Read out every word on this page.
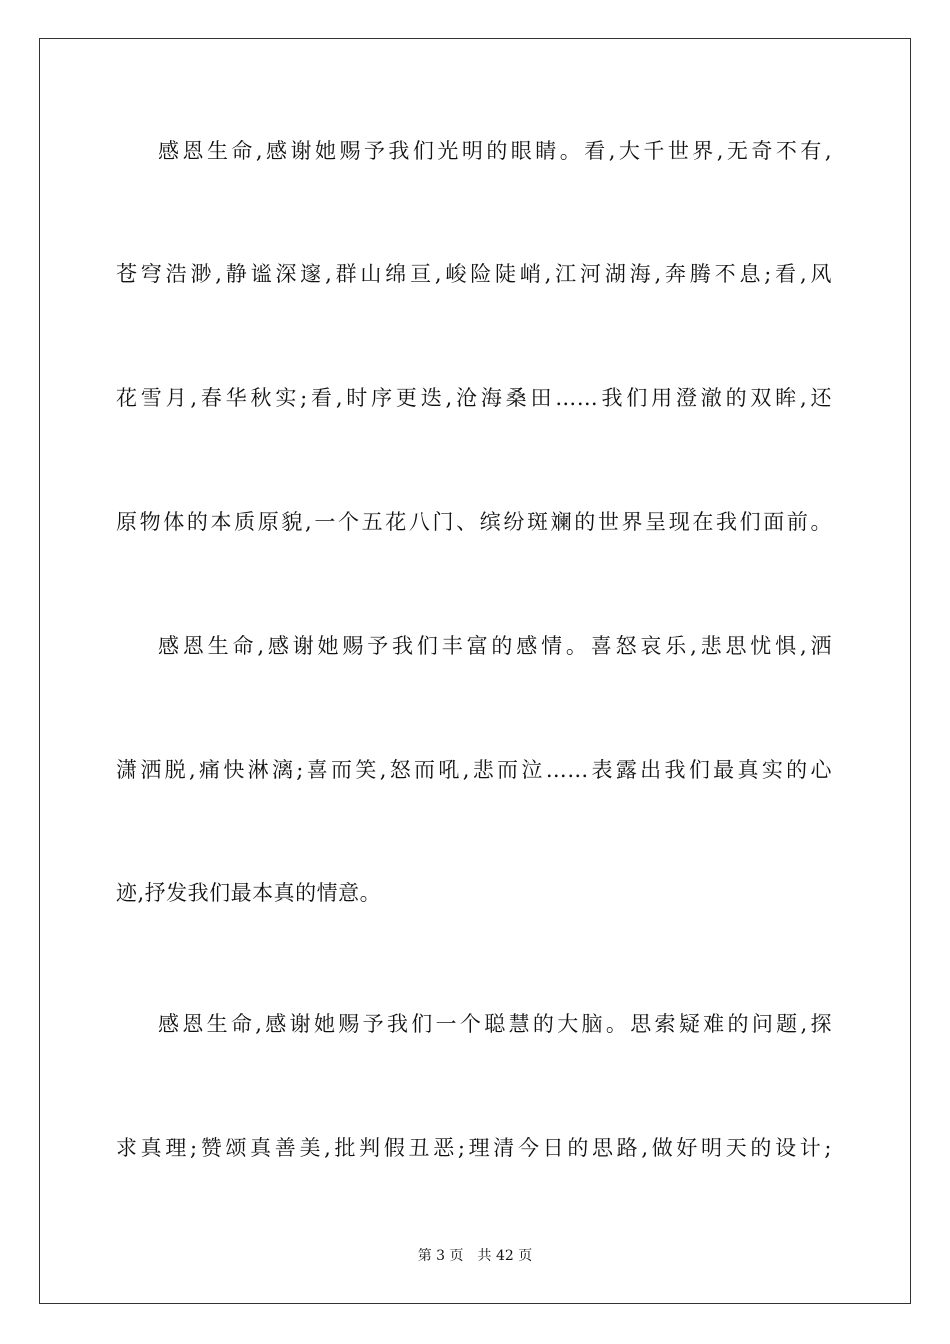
感恩生命,感谢她赐予我们光明的眼睛。看,大千世界,无奇不有,
苍穹浩渺,静谧深邃,群山绵亘,峻险陡峭,江河湖海,奔腾不息;看,风
花雪月,春华秋实;看,时序更迭,沧海桑田……我们用澄澈的双眸,还
原物体的本质原貌,一个五花八门、缤纷斑斓的世界呈现在我们面前。
感恩生命,感谢她赐予我们丰富的感情。喜怒哀乐,悲思忧惧,洒
潇洒脱,痛快淋漓;喜而笑,怒而吼,悲而泣……表露出我们最真实的心
迹,抒发我们最本真的情意。
感恩生命,感谢她赐予我们一个聪慧的大脑。思索疑难的问题,探
求真理;赞颂真善美,批判假丑恶;理清今日的思路,做好明天的设计;
第 3 页　共 42 页
